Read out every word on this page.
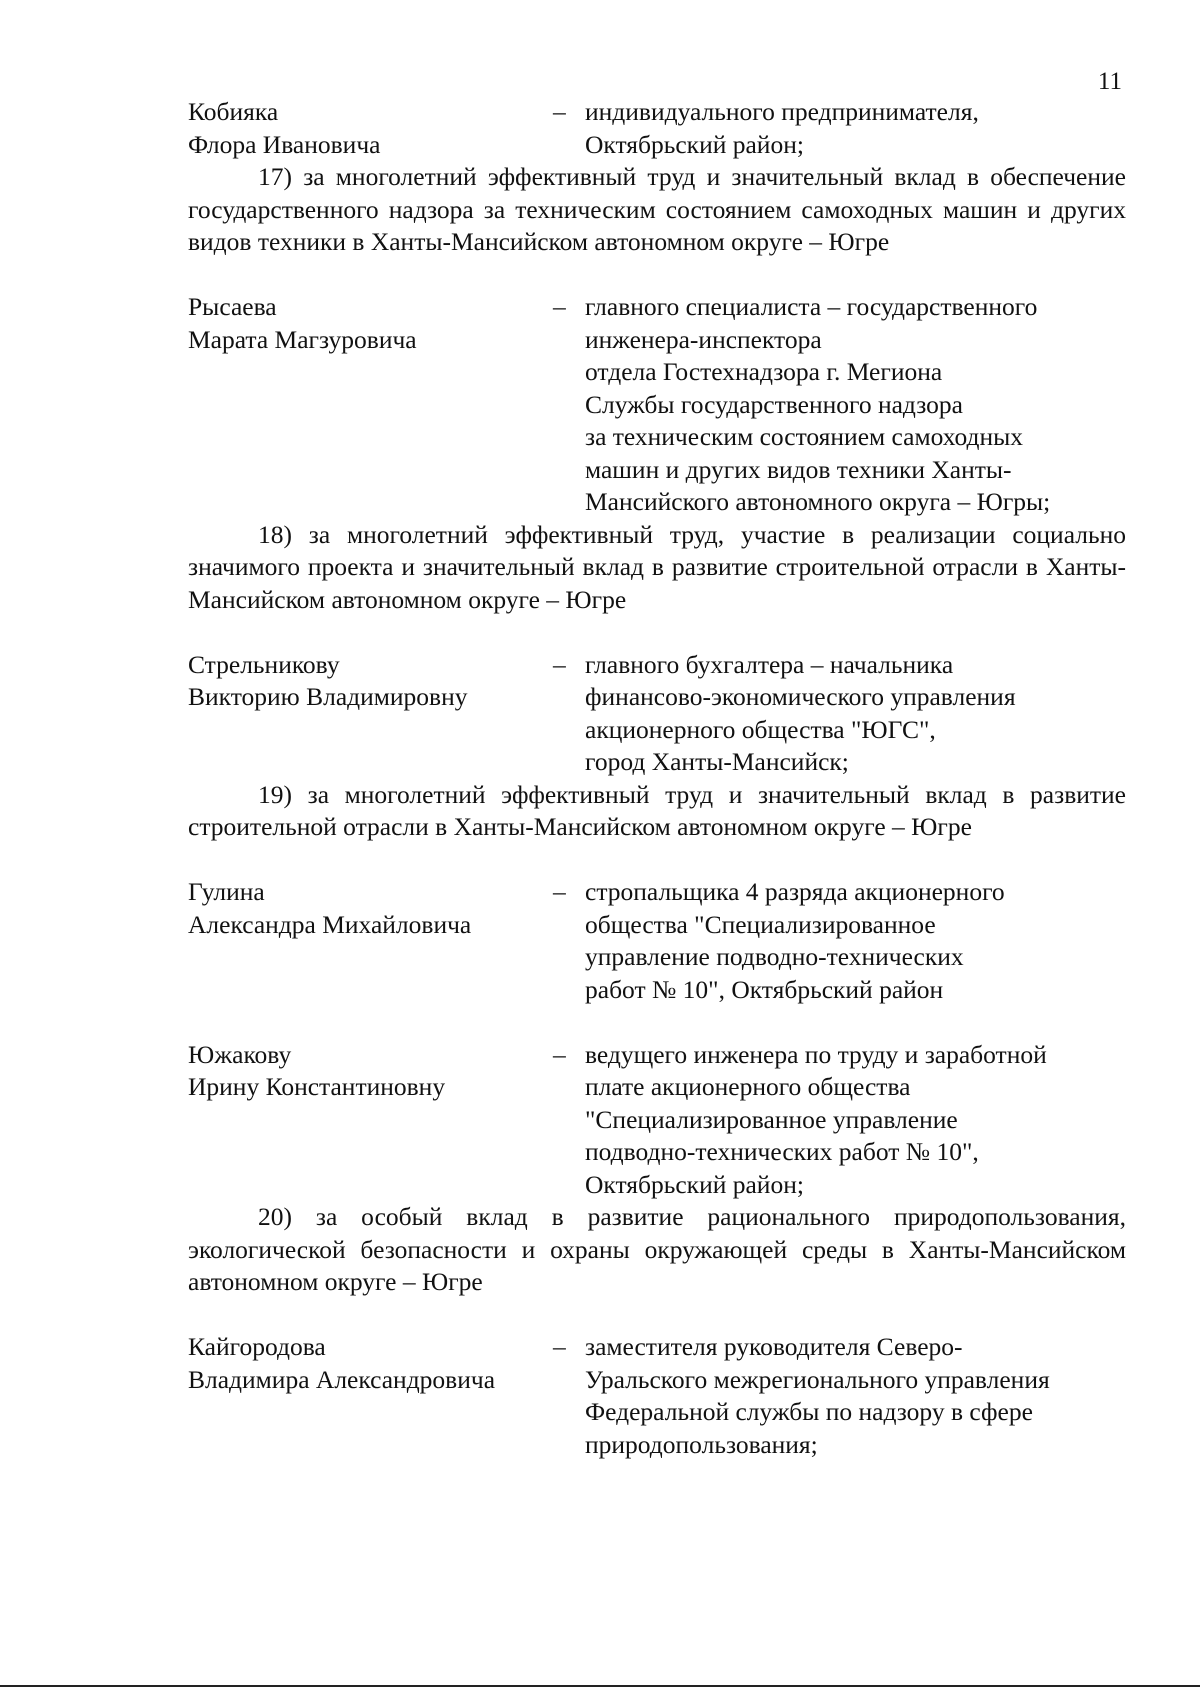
11
Кобияка
Флора Ивановича
– индивидуального предпринимателя,
Октябрьский район;

17) за многолетний эффективный труд и значительный вклад в обеспечение государственного надзора за техническим состоянием самоходных машин и других видов техники в Ханты-Мансийском автономном округе – Югре

Рысаева
Марата Магзуровича
– главного специалиста – государственного
инженера-инспектора
отдела Гостехнадзора г. Мегиона
Службы государственного надзора
за техническим состоянием самоходных
машин и других видов техники Ханты-
Мансийского автономного округа – Югры;

18) за многолетний эффективный труд, участие в реализации социально значимого проекта и значительный вклад в развитие строительной отрасли в Ханты-Мансийском автономном округе – Югре

Стрельникову
Викторию Владимировну
– главного бухгалтера – начальника
финансово-экономического управления
акционерного общества "ЮГС",
город Ханты-Мансийск;

19) за многолетний эффективный труд и значительный вклад в развитие строительной отрасли в Ханты-Мансийском автономном округе – Югре

Гулина
Александра Михайловича
– стропальщика 4 разряда акционерного
общества "Специализированное
управление подводно-технических
работ № 10", Октябрьский район
Южакову
Ирину Константиновну
– ведущего инженера по труду и заработной
плате акционерного общества
"Специализированное управление
подводно-технических работ № 10",
Октябрьский район;

20) за особый вклад в развитие рационального природопользования, экологической безопасности и охраны окружающей среды в Ханты-Мансийском автономном округе – Югре

Кайгородова
Владимира Александровича
– заместителя руководителя Северо-
Уральского межрегионального управления
Федеральной службы по надзору в сфере
природопользования;
